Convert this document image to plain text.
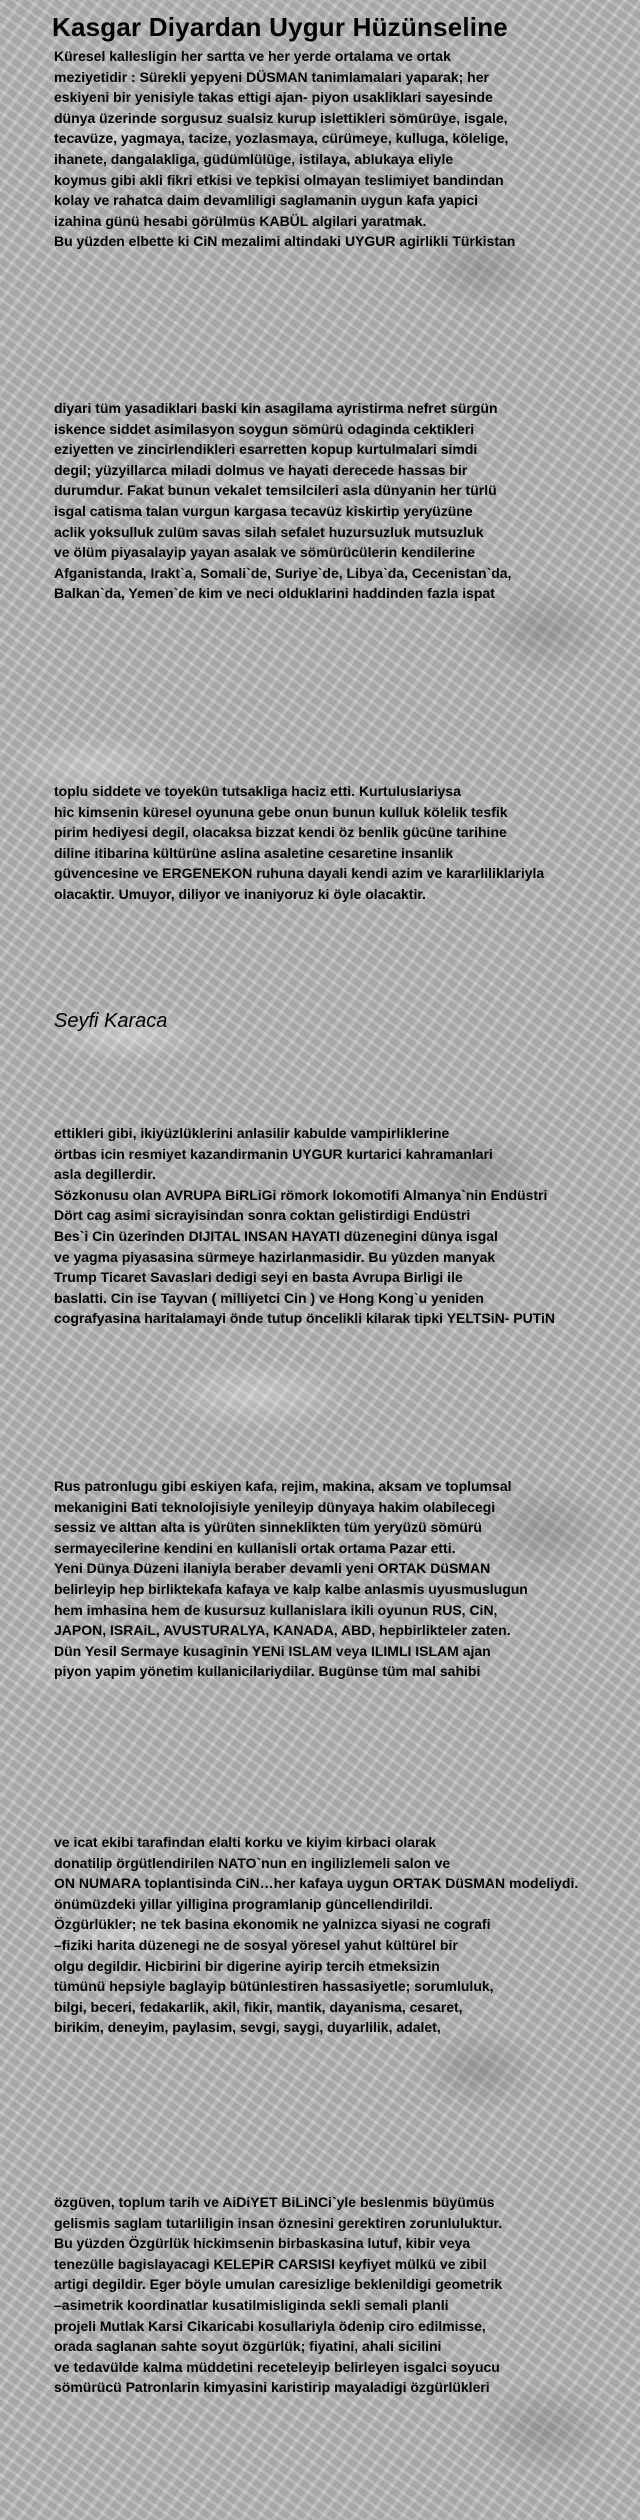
Kasgar Diyardan Uygur Hüzünseline
Küresel kallesligin her sartta ve her yerde ortalama ve ortak
meziyetidir : Sürekli yepyeni DÜSMAN tanimlamalari yaparak; her
eskiyeni bir yenisiyle takas ettigi ajan- piyon usakliklari sayesinde
dünya üzerinde sorgusuz sualsiz kurup islettikleri sömürüye, isgale,
tecavüze, yagmaya, tacize, yozlasmaya, cürümeye, kulluga, kölelige,
ihanete, dangalakliga, güdümlülüge, istilaya, ablukaya eliyle
koymus gibi akli fikri etkisi ve tepkisi olmayan teslimiyet bandindan
kolay ve rahatca daim devamliligi saglamanin uygun kafa yapici
izahina günü hesabi görülmüs KABÜL algilari yaratmak.
Bu yüzden elbette ki CiN mezalimi altindaki UYGUR agirlikli Türkistan
diyari tüm yasadiklari baski kin asagilama ayristirma nefret sürgün
iskence siddet asimilasyon soygun sömürü odaginda cektikleri
eziyetten ve zincirlendikleri esarretten kopup kurtulmalari simdi
degil; yüzyillarca miladi dolmus ve hayati derecede hassas bir
durumdur. Fakat bunun vekalet temsilcileri asla dünyanin her türlü
isgal catisma talan vurgun kargasa tecavüz kiskirtip yeryüzüne
aclik yoksulluk zulüm savas silah sefalet huzursuzluk mutsuzluk
ve ölüm piyasalayip yayan asalak ve sömürücülerin kendilerine
Afganistanda, Irakt`a, Somali`de, Suriye`de, Libya`da, Cecenistan`da,
Balkan`da, Yemen`de kim ve neci olduklarini haddinden fazla ispat
toplu siddete ve toyekün tutsakliga haciz etti. Kurtuluslariysa
hic kimsenin küresel oyununa gebe onun bunun kulluk kölelik tesfik
pirim hediyesi degil, olacaksa bizzat kendi öz benlik gücüne tarihine
diline itibarina kültürüne aslina asaletine cesaretine insanlik
güvencesine ve ERGENEKON ruhuna dayali kendi azim ve kararliliklariyla
olacaktir. Umuyor, diliyor ve inaniyoruz ki öyle olacaktir.
Seyfi Karaca
ettikleri gibi, ikiyüzlüklerini anlasilir kabulde vampirliklerine
örtbas icin resmiyet kazandirmanin UYGUR kurtarici kahramanlari
asla degillerdir.
Sözkonusu olan AVRUPA BiRLiGi römork lokomotifi Almanya`nin Endüstri
Dört cag asimi sicrayisindan sonra coktan gelistirdigi Endüstri
Bes`i Cin üzerinden DIJITAL INSAN HAYATI düzenegini dünya isgal
ve yagma piyasasina sürmeye hazirlanmasidir. Bu yüzden manyak
Trump Ticaret Savaslari dedigi seyi en basta Avrupa Birligi ile
baslatti. Cin ise Tayvan ( milliyetci Cin ) ve Hong Kong`u yeniden
cografyasina haritalamayi önde tutup öncelikli kilarak tipki YELTSiN- PUTiN
Rus patronlugu gibi eskiyen kafa, rejim, makina, aksam ve toplumsal
mekanigini Bati teknolojisiyle yenileyip dünyaya hakim olabilecegi
sessiz ve alttan alta is yürüten sinneklikten tüm yeryüzü sömürü
sermayecilerine kendini en kullanisli ortak ortama Pazar etti.
Yeni Dünya Düzeni ilaniyla beraber devamli yeni ORTAK DüSMAN
belirleyip hep birliktekafa kafaya ve kalp kalbe anlasmis uyusmuslugun
hem imhasina hem de kusursuz kullanislara ikili oyunun RUS, CiN,
JAPON, ISRAiL, AVUSTURALYA, KANADA, ABD, hepbirlikteler zaten.
Dün Yesil Sermaye kusaginin YENi ISLAM veya ILIMLI ISLAM ajan
piyon yapim yönetim kullanicilariydilar. Bugünse tüm mal sahibi
ve icat ekibi tarafindan elalti korku ve kiyim kirbaci olarak
donatilip örgütlendirilen NATO`nun en ingilizlemeli salon ve
ON NUMARA toplantisinda CiN…her kafaya uygun ORTAK DüSMAN modeliydi.
önümüzdeki yillar yilligina programlanip güncellendirildi.
Özgürlükler; ne tek basina ekonomik ne yalnizca siyasi ne cografi
–fiziki harita düzenegi ne de sosyal yöresel yahut kültürel bir
olgu degildir. Hicbirini bir digerine ayirip tercih etmeksizin
tümünü hepsiyle baglayip bütünlestiren hassasiyetle; sorumluluk,
bilgi, beceri, fedakarlik, akil, fikir, mantik, dayanisma, cesaret,
birikim, deneyim, paylasim, sevgi, saygi, duyarlilik, adalet,
özgüven, toplum tarih ve AiDiYET BiLiNCi`yle beslenmis büyümüs
gelismis saglam tutarliligin insan öznesini gerektiren zorunluluktur.
Bu yüzden Özgürlük hickimsenin birbaskasina lutuf, kibir veya
tenezülle bagislayacagi KELEPiR CARSISI keyfiyet mülkü ve zibil
artigi degildir. Eger böyle umulan caresizlige beklenildigi geometrik
–asimetrik koordinatlar kusatilmisliginda sekli semali planli
projeli Mutlak Karsi Cikaricabi kosullariyla ödenip ciro edilmisse,
orada saglanan sahte soyut özgürlük; fiyatini, ahali sicilini
ve tedavülde kalma müddetini receteleyip belirleyen isgalci soyucu
sömürücü Patronlarin kimyasini karistirip mayaladigi özgürlükleri
